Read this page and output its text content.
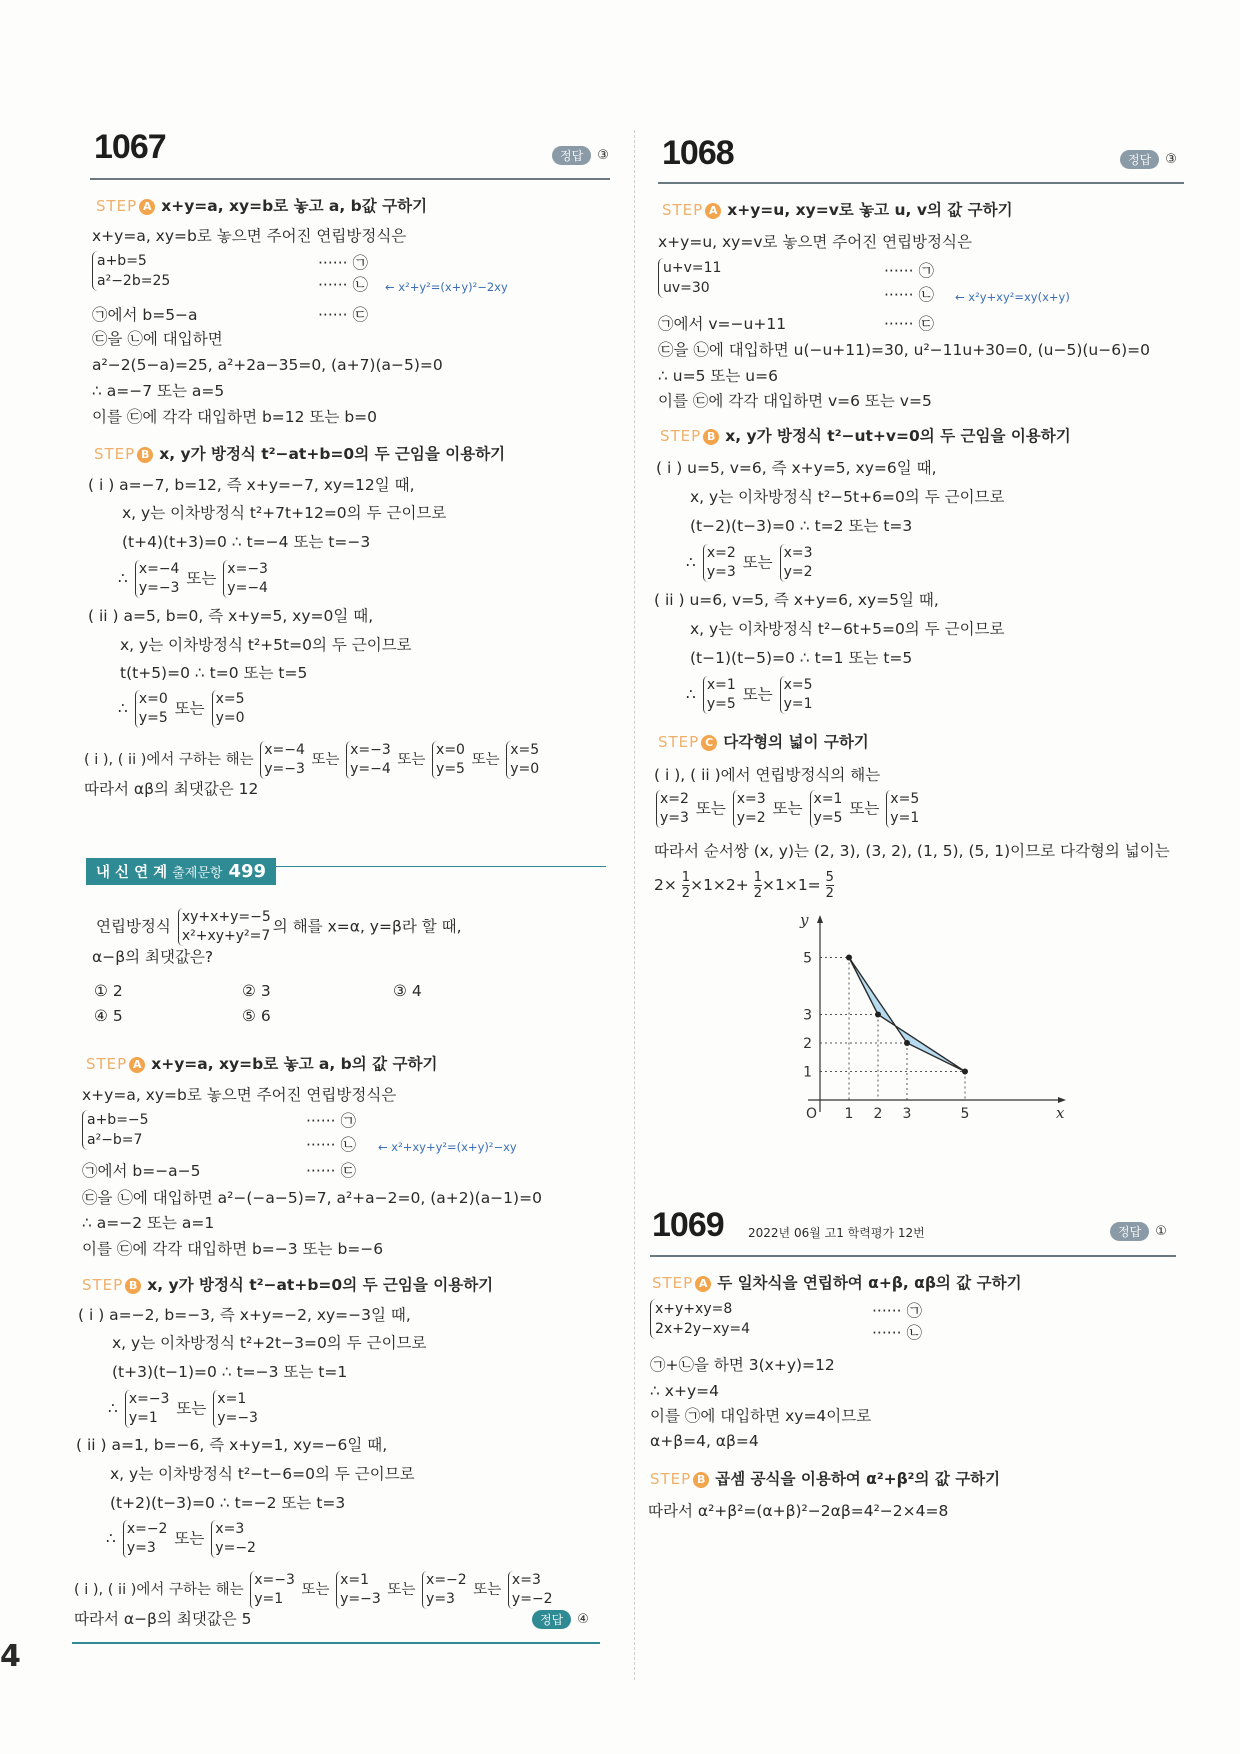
1067	정답	③
STEP A x+y=a, xy=b로 놓고 a, b값 구하기
x+y=a, xy=b로 놓으면 주어진 연립방정식은
a+b=5
a²−2b=25
······ ㉠
······ ㉡ ← x²+y²=(x+y)²−2xy
㉠에서 b=5−a	······ ㉢
㉢을 ㉡에 대입하면
a²−2(5−a)=25, a²+2a−35=0, (a+7)(a−5)=0
∴ a=−7 또는 a=5
이를 ㉢에 각각 대입하면 b=12 또는 b=0
STEP B x, y가 방정식 t²−at+b=0의 두 근임을 이용하기
( i ) a=−7, b=12, 즉 x+y=−7, xy=12일 때,
x, y는 이차방정식 t²+7t+12=0의 두 근이므로
(t+4)(t+3)=0 ∴ t=−4 또는 t=−3
∴
x=−4
y=−3
또는
x=−3
y=−4
( ii ) a=5, b=0, 즉 x+y=5, xy=0일 때,
x, y는 이차방정식 t²+5t=0의 두 근이므로
t(t+5)=0 ∴ t=0 또는 t=5
∴
x=0
y=5
또는
x=5
y=0
( i ), ( ii )에서 구하는 해는
x=−4
y=−3
또는
x=−3
y=−4
또는
x=0
y=5
또는
x=5
y=0
따라서 αβ의 최댓값은 12
내 신 연 계 출제문항 499
연립방정식
xy+x+y=−5
x²+xy+y²=7
의 해를 x=α, y=β라 할 때,
α−β의 최댓값은?
① 2	② 3	③ 4
④ 5	⑤ 6
STEP A x+y=a, xy=b로 놓고 a, b의 값 구하기
x+y=a, xy=b로 놓으면 주어진 연립방정식은
a+b=−5
a²−b=7
······ ㉠
······ ㉡ ← x²+xy+y²=(x+y)²−xy
㉠에서 b=−a−5	······ ㉢
㉢을 ㉡에 대입하면 a²−(−a−5)=7, a²+a−2=0, (a+2)(a−1)=0
∴ a=−2 또는 a=1
이를 ㉢에 각각 대입하면 b=−3 또는 b=−6
STEP B x, y가 방정식 t²−at+b=0의 두 근임을 이용하기
( i ) a=−2, b=−3, 즉 x+y=−2, xy=−3일 때,
x, y는 이차방정식 t²+2t−3=0의 두 근이므로
(t+3)(t−1)=0 ∴ t=−3 또는 t=1
∴
x=−3
y=1
또는
x=1
y=−3
( ii ) a=1, b=−6, 즉 x+y=1, xy=−6일 때,
x, y는 이차방정식 t²−t−6=0의 두 근이므로
(t+2)(t−3)=0 ∴ t=−2 또는 t=3
∴
x=−2
y=3
또는
x=3
y=−2
( i ), ( ii )에서 구하는 해는
x=−3
y=1
또는
x=1
y=−3
또는
x=−2
y=3
또는
x=3
y=−2
따라서 α−β의 최댓값은 5	정답	④
4
1068	정답	③
STEP A x+y=u, xy=v로 놓고 u, v의 값 구하기
x+y=u, xy=v로 놓으면 주어진 연립방정식은
u+v=11
uv=30
······ ㉠
······ ㉡ ← x²y+xy²=xy(x+y)
㉠에서 v=−u+11	······ ㉢
㉢을 ㉡에 대입하면 u(−u+11)=30, u²−11u+30=0, (u−5)(u−6)=0
∴ u=5 또는 u=6
이를 ㉢에 각각 대입하면 v=6 또는 v=5
STEP B x, y가 방정식 t²−ut+v=0의 두 근임을 이용하기
( i ) u=5, v=6, 즉 x+y=5, xy=6일 때,
x, y는 이차방정식 t²−5t+6=0의 두 근이므로
(t−2)(t−3)=0 ∴ t=2 또는 t=3
∴
x=2
y=3
또는
x=3
y=2
( ii ) u=6, v=5, 즉 x+y=6, xy=5일 때,
x, y는 이차방정식 t²−6t+5=0의 두 근이므로
(t−1)(t−5)=0 ∴ t=1 또는 t=5
∴
x=1
y=5
또는
x=5
y=1
STEP C 다각형의 넓이 구하기
( i ), ( ii )에서 연립방정식의 해는
x=2
y=3
또는
x=3
y=2
또는
x=1
y=5
또는
x=5
y=1
따라서 순서쌍 (x, y)는 (2, 3), (3, 2), (1, 5), (5, 1)이므로 다각형의 넓이는
$2\times \frac{1}{2} \times 1\times 2+ \frac{1}{2} \times 1\times 1= \frac{5}{2}$
1 2 3	5
1
2
3
5
O	x
y
1069 2022년 06월 고1 학력평가 12번	정답	①
STEP A 두 일차식을 연립하여 α+β, αβ의 값 구하기
x+y+xy=8
2x+2y−xy=4
······ ㉠
······ ㉡
㉠+㉡을 하면 3(x+y)=12
∴ x+y=4
이를 ㉠에 대입하면 xy=4이므로
α+β=4, αβ=4
STEP B 곱셈 공식을 이용하여 α²+β²의 값 구하기
따라서 α²+β²=(α+β)²−2αβ=4²−2×4=8
